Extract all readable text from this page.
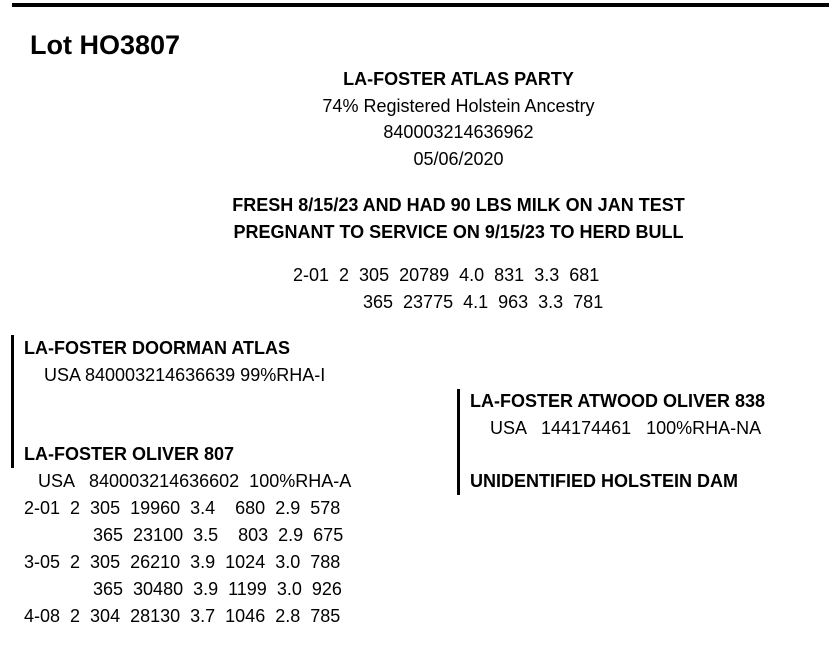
Lot HO3807
LA-FOSTER ATLAS PARTY
74% Registered Holstein Ancestry
840003214636962
05/06/2020
FRESH 8/15/23 AND HAD 90 LBS MILK ON JAN TEST
PREGNANT TO SERVICE ON 9/15/23 TO HERD BULL
2-01  2  305  20789  4.0  831  3.3  681
365  23775  4.1  963  3.3  781
LA-FOSTER DOORMAN ATLAS
USA 840003214636639 99%RHA-I
LA-FOSTER OLIVER 807
USA   840003214636602  100%RHA-A
2-01  2  305  19960  3.4    680  2.9  578
365  23100  3.5    803  2.9  675
3-05  2  305  26210  3.9  1024  3.0  788
365  30480  3.9  1199  3.0  926
4-08  2  304  28130  3.7  1046  2.8  785
LA-FOSTER ATWOOD OLIVER 838
USA   144174461   100%RHA-NA
UNIDENTIFIED HOLSTEIN DAM
